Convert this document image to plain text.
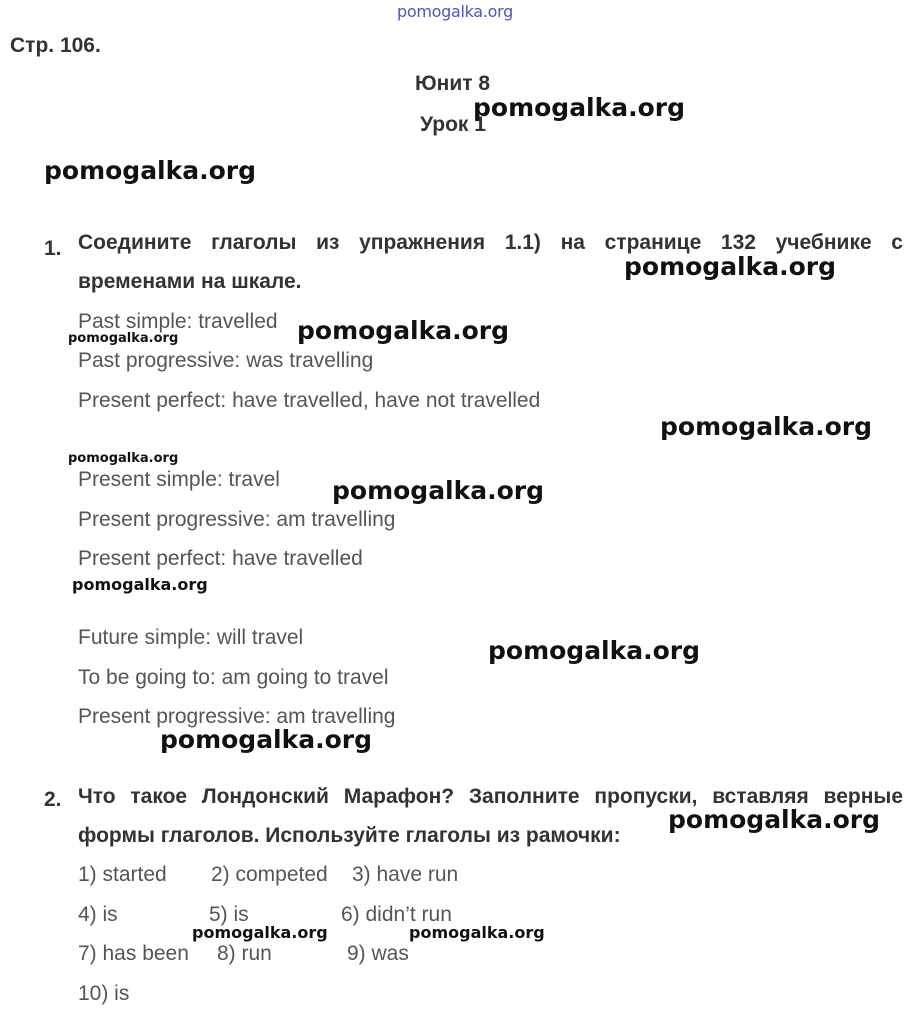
pomogalka.org
Стр. 106.
Юнит 8
Урок 1
1. Соедините глаголы из упражнения 1.1) на странице 132 учебнике с
временами на шкале.
Past simple: travelled
Past progressive: was travelling
Present perfect: have travelled, have not travelled
Present simple: travel
Present progressive: am travelling
Present perfect: have travelled
Future simple: will travel
To be going to: am going to travel
Present progressive: am travelling
2. Что такое Лондонский Марафон? Заполните пропуски, вставляя верные
формы глаголов. Используйте глаголы из рамочки:
1) started 2) competed 3) have run
4) is	5) is	6) didn’t run
7) has been 8) run	9) was
10) is
pomogalka.org
pomogalka.org
pomogalka.org
pomogalka.org
pomogalka.org
pomogalka.org
pomogalka.org
pomogalka.org
pomogalka.org
pomogalka.org
pomogalka.org
pomogalka.org
pomogalka.org	pomogalka.org
